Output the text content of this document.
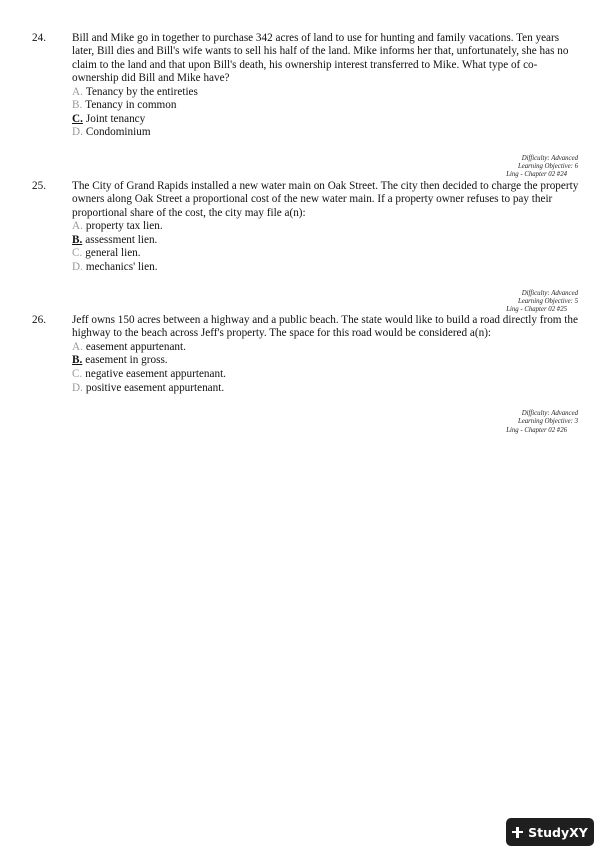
24.	Bill and Mike go in together to purchase 342 acres of land to use for hunting and family vacations. Ten years later, Bill dies and Bill's wife wants to sell his half of the land. Mike informs her that, unfortunately, she has no claim to the land and that upon Bill's death, his ownership interest transferred to Mike. What type of co-ownership did Bill and Mike have?

A. Tenancy by the entireties
B. Tenancy in common
C. Joint tenancy
D. Condominium
Difficulty: Advanced
Learning Objective: 6
Ling - Chapter 02 #24
25.	The City of Grand Rapids installed a new water main on Oak Street. The city then decided to charge the property owners along Oak Street a proportional cost of the new water main. If a property owner refuses to pay their proportional share of the cost, the city may file a(n):

A. property tax lien.
B. assessment lien.
C. general lien.
D. mechanics' lien.
Difficulty: Advanced
Learning Objective: 5
Ling - Chapter 02 #25
26.	Jeff owns 150 acres between a highway and a public beach. The state would like to build a road directly from the highway to the beach across Jeff's property. The space for this road would be considered a(n):

A. easement appurtenant.
B. easement in gross.
C. negative easement appurtenant.
D. positive easement appurtenant.
Difficulty: Advanced
Learning Objective: 3
Ling - Chapter 02 #26
StudyXY
